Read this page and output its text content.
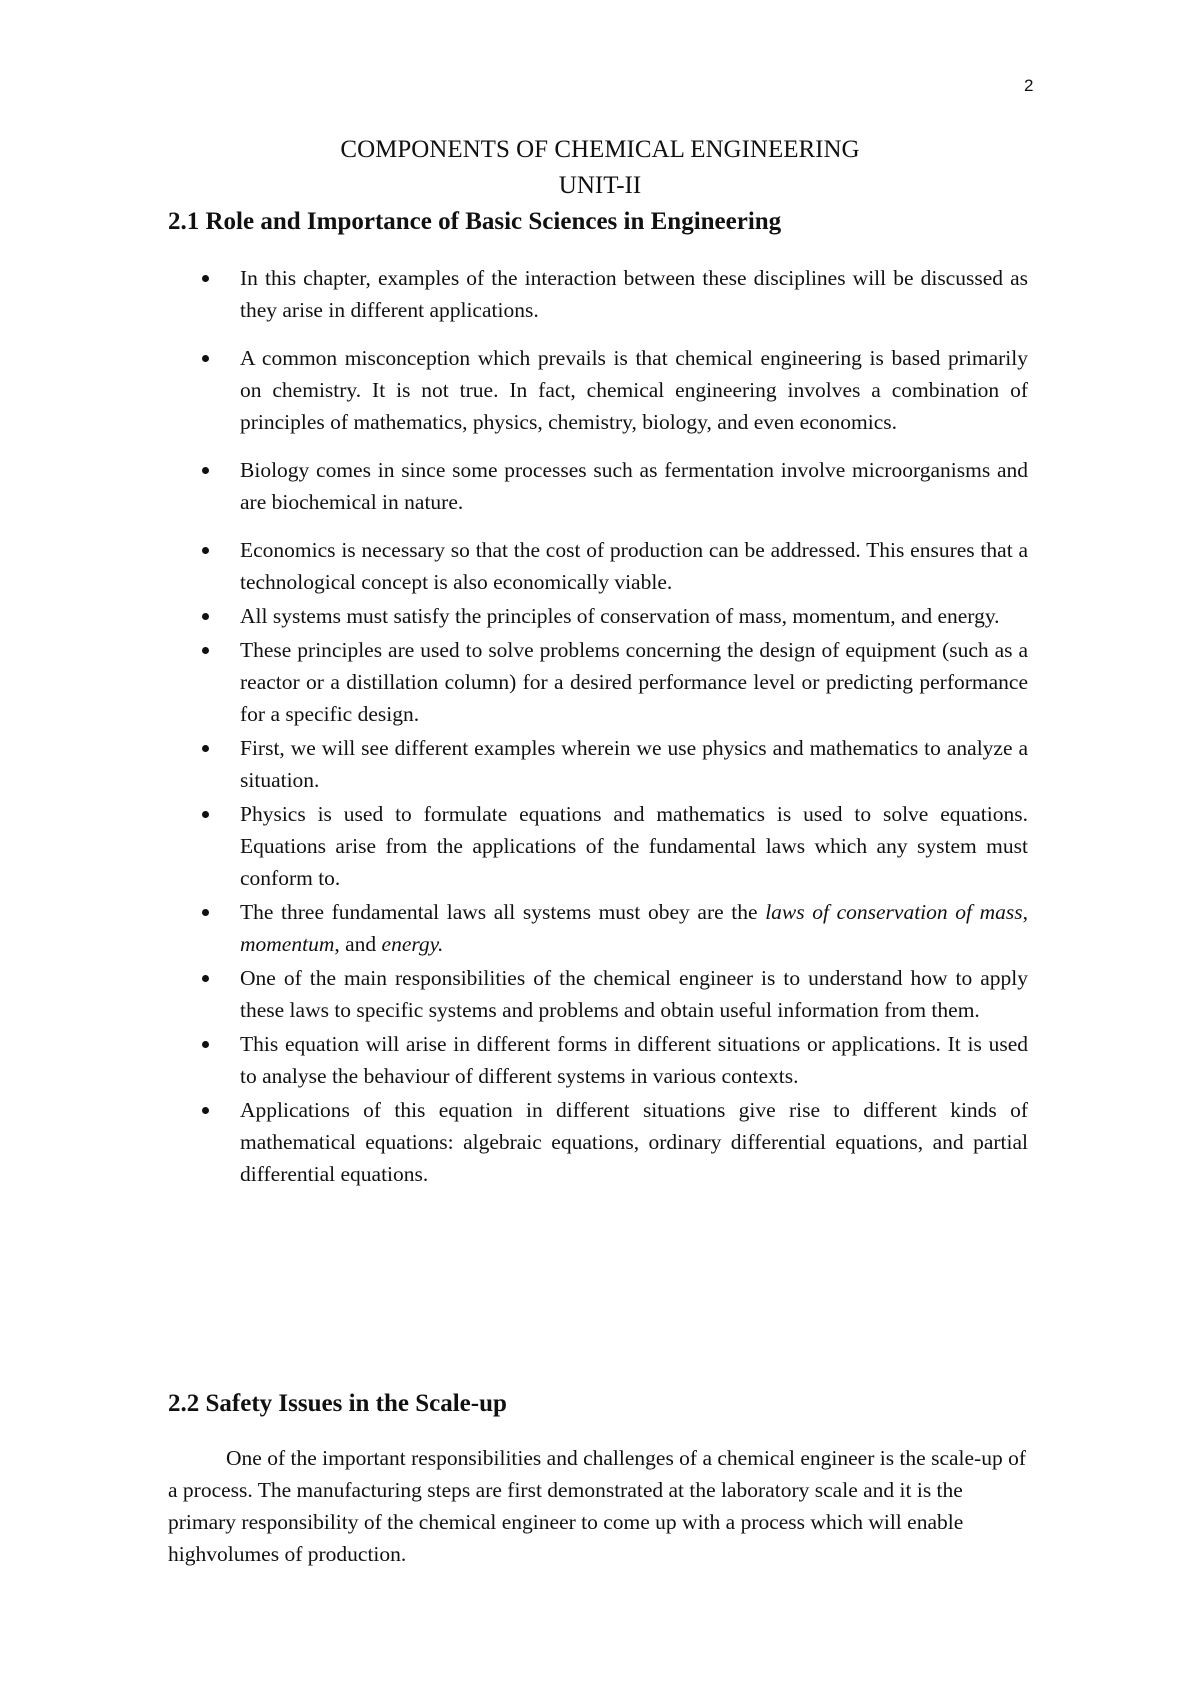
2
COMPONENTS OF CHEMICAL ENGINEERING
UNIT-II
2.1 Role and Importance of Basic Sciences in Engineering
In this chapter, examples of the interaction between these disciplines will be discussed as they arise in different applications.
A common misconception which prevails is that chemical engineering is based primarily on chemistry. It is not true. In fact, chemical engineering involves a combination of principles of mathematics, physics, chemistry, biology, and even economics.
Biology comes in since some processes such as fermentation involve microorganisms and are biochemical in nature.
Economics is necessary so that the cost of production can be addressed. This ensures that a technological concept is also economically viable.
All systems must satisfy the principles of conservation of mass, momentum, and energy.
These principles are used to solve problems concerning the design of equipment (such as a reactor or a distillation column) for a desired performance level or predicting performance for a specific design.
First, we will see different examples wherein we use physics and mathematics to analyze a situation.
Physics is used to formulate equations and mathematics is used to solve equations. Equations arise from the applications of the fundamental laws which any system must conform to.
The three fundamental laws all systems must obey are the laws of conservation of mass, momentum, and energy.
One of the main responsibilities of the chemical engineer is to understand how to apply these laws to specific systems and problems and obtain useful information from them.
This equation will arise in different forms in different situations or applications. It is used to analyse the behaviour of different systems in various contexts.
Applications of this equation in different situations give rise to different kinds of mathematical equations: algebraic equations, ordinary differential equations, and partial differential equations.
2.2 Safety Issues in the Scale-up

One of the important responsibilities and challenges of a chemical engineer is the scale-up of a process. The manufacturing steps are first demonstrated at the laboratory scale and it is the primary responsibility of the chemical engineer to come up with a process which will enable highvolumes of production.
